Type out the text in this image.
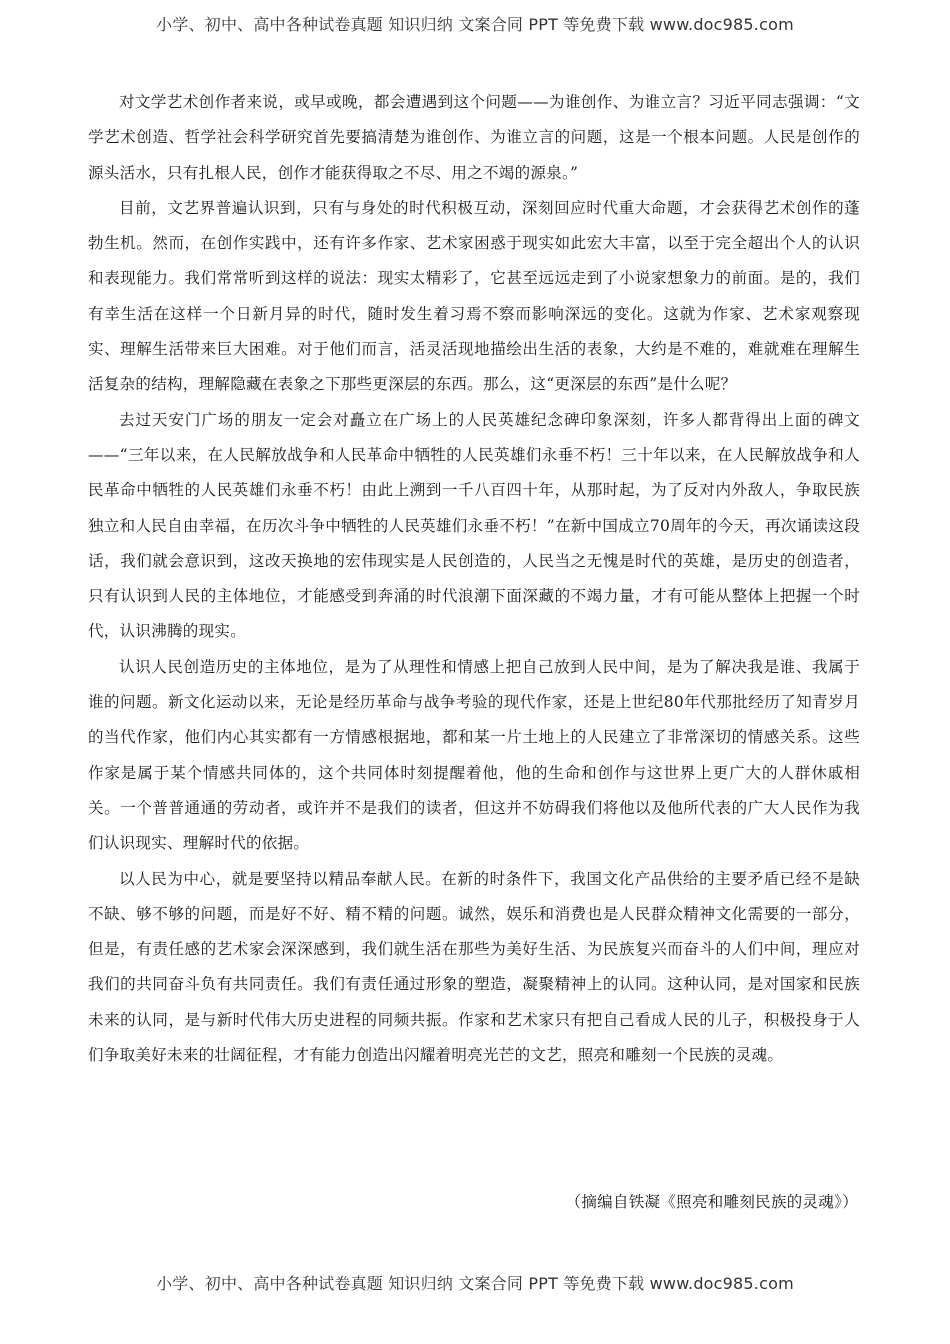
小学、初中、高中各种试卷真题 知识归纳 文案合同 PPT 等免费下载 www.doc985.com

对文学艺术创作者来说，或早或晚，都会遭遇到这个问题——为谁创作、为谁立言？习近平同志强调：“文学艺术创造、哲学社会科学研究首先要搞清楚为谁创作、为谁立言的问题，这是一个根本问题。人民是创作的源头活水，只有扎根人民，创作才能获得取之不尽、用之不竭的源泉。”

目前，文艺界普遍认识到，只有与身处的时代积极互动，深刻回应时代重大命题，才会获得艺术创作的蓬勃生机。然而，在创作实践中，还有许多作家、艺术家困惑于现实如此宏大丰富，以至于完全超出个人的认识和表现能力。我们常常听到这样的说法：现实太精彩了，它甚至远远走到了小说家想象力的前面。是的，我们有幸生活在这样一个日新月异的时代，随时发生着习焉不察而影响深远的变化。这就为作家、艺术家观察现实、理解生活带来巨大困难。对于他们而言，活灵活现地描绘出生活的表象，大约是不难的，难就难在理解生活复杂的结构，理解隐藏在表象之下那些更深层的东西。那么，这“更深层的东西”是什么呢？

去过天安门广场的朋友一定会对矗立在广场上的人民英雄纪念碑印象深刻，许多人都背得出上面的碑文——“三年以来，在人民解放战争和人民革命中牺牲的人民英雄们永垂不朽！三十年以来，在人民解放战争和人民革命中牺牲的人民英雄们永垂不朽！由此上溯到一千八百四十年，从那时起，为了反对内外敌人，争取民族独立和人民自由幸福，在历次斗争中牺牲的人民英雄们永垂不朽！”在新中国成立70周年的今天，再次诵读这段话，我们就会意识到，这改天换地的宏伟现实是人民创造的，人民当之无愧是时代的英雄，是历史的创造者，只有认识到人民的主体地位，才能感受到奔涌的时代浪潮下面深藏的不竭力量，才有可能从整体上把握一个时代，认识沸腾的现实。

认识人民创造历史的主体地位，是为了从理性和情感上把自己放到人民中间，是为了解决我是谁、我属于谁的问题。新文化运动以来，无论是经历革命与战争考验的现代作家，还是上世纪80年代那批经历了知青岁月的当代作家，他们内心其实都有一方情感根据地，都和某一片土地上的人民建立了非常深切的情感关系。这些作家是属于某个情感共同体的，这个共同体时刻提醒着他，他的生命和创作与这世界上更广大的人群休戚相关。一个普普通通的劳动者，或许并不是我们的读者，但这并不妨碍我们将他以及他所代表的广大人民作为我们认识现实、理解时代的依据。

以人民为中心，就是要坚持以精品奉献人民。在新的时条件下，我国文化产品供给的主要矛盾已经不是缺不缺、够不够的问题，而是好不好、精不精的问题。诚然，娱乐和消费也是人民群众精神文化需要的一部分，但是，有责任感的艺术家会深深感到，我们就生活在那些为美好生活、为民族复兴而奋斗的人们中间，理应对我们的共同奋斗负有共同责任。我们有责任通过形象的塑造，凝聚精神上的认同。这种认同，是对国家和民族未来的认同，是与新时代伟大历史进程的同频共振。作家和艺术家只有把自己看成人民的儿子，积极投身于人们争取美好未来的壮阔征程，才有能力创造出闪耀着明亮光芒的文艺，照亮和雕刻一个民族的灵魂。

（摘编自铁凝《照亮和雕刻民族的灵魂》）
小学、初中、高中各种试卷真题 知识归纳 文案合同 PPT 等免费下载 www.doc985.com
